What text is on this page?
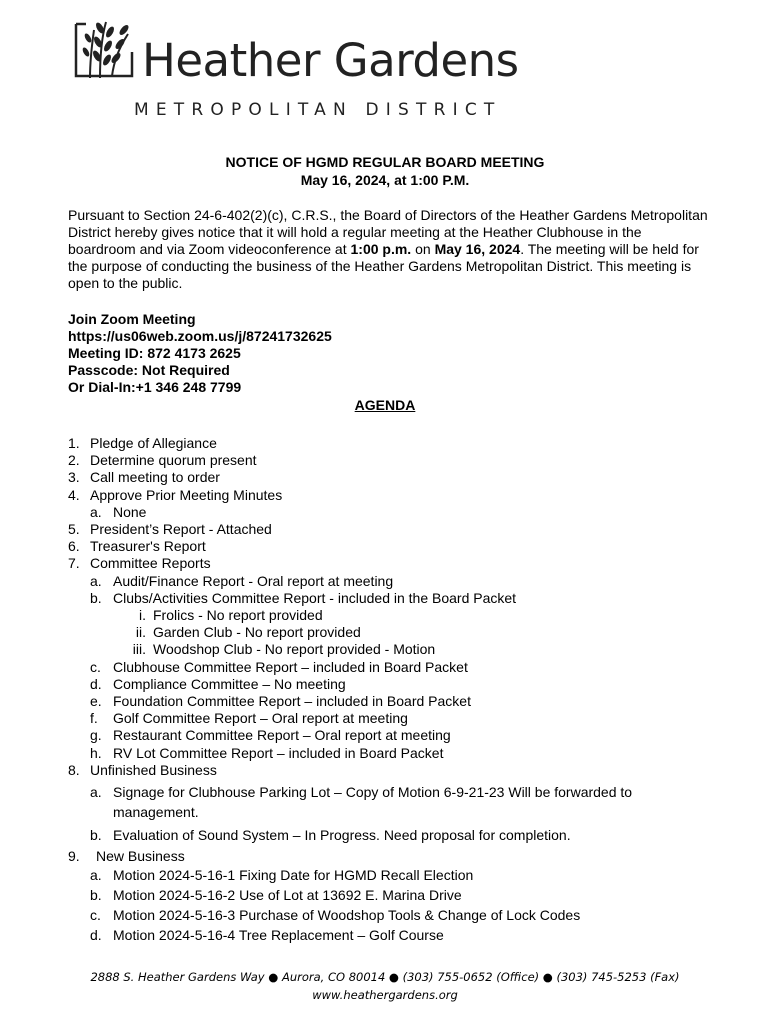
Heather Gardens
METROPOLITAN DISTRICT
NOTICE OF HGMD REGULAR BOARD MEETING
May 16, 2024, at 1:00 P.M.
Pursuant to Section 24-6-402(2)(c), C.R.S., the Board of Directors of the Heather Gardens Metropolitan District hereby gives notice that it will hold a regular meeting at the Heather Clubhouse in the boardroom and via Zoom videoconference at 1:00 p.m. on May 16, 2024. The meeting will be held for the purpose of conducting the business of the Heather Gardens Metropolitan District. This meeting is open to the public.
Join Zoom Meeting
https://us06web.zoom.us/j/87241732625
Meeting ID: 872 4173 2625
Passcode: Not Required
Or Dial-In:+1 346 248 7799
AGENDA
1. Pledge of Allegiance
2. Determine quorum present
3. Call meeting to order
4. Approve Prior Meeting Minutes
a. None
5. President’s Report - Attached
6. Treasurer's Report
7. Committee Reports
a. Audit/Finance Report - Oral report at meeting
b. Clubs/Activities Committee Report - included in the Board Packet
i. Frolics - No report provided
ii. Garden Club - No report provided
iii. Woodshop Club - No report provided - Motion
c. Clubhouse Committee Report – included in Board Packet
d. Compliance Committee – No meeting
e. Foundation Committee Report – included in Board Packet
f. Golf Committee Report – Oral report at meeting
g. Restaurant Committee Report – Oral report at meeting
h. RV Lot Committee Report – included in Board Packet
8. Unfinished Business
a. Signage for Clubhouse Parking Lot – Copy of Motion 6-9-21-23 Will be forwarded to management.
b. Evaluation of Sound System – In Progress. Need proposal for completion.
9. New Business
a. Motion 2024-5-16-1 Fixing Date for HGMD Recall Election
b. Motion 2024-5-16-2 Use of Lot at 13692 E. Marina Drive
c. Motion 2024-5-16-3 Purchase of Woodshop Tools & Change of Lock Codes
d. Motion 2024-5-16-4 Tree Replacement – Golf Course
2888 S. Heather Gardens Way ● Aurora, CO 80014 ● (303) 755-0652 (Office) ● (303) 745-5253 (Fax)
www.heathergardens.org
